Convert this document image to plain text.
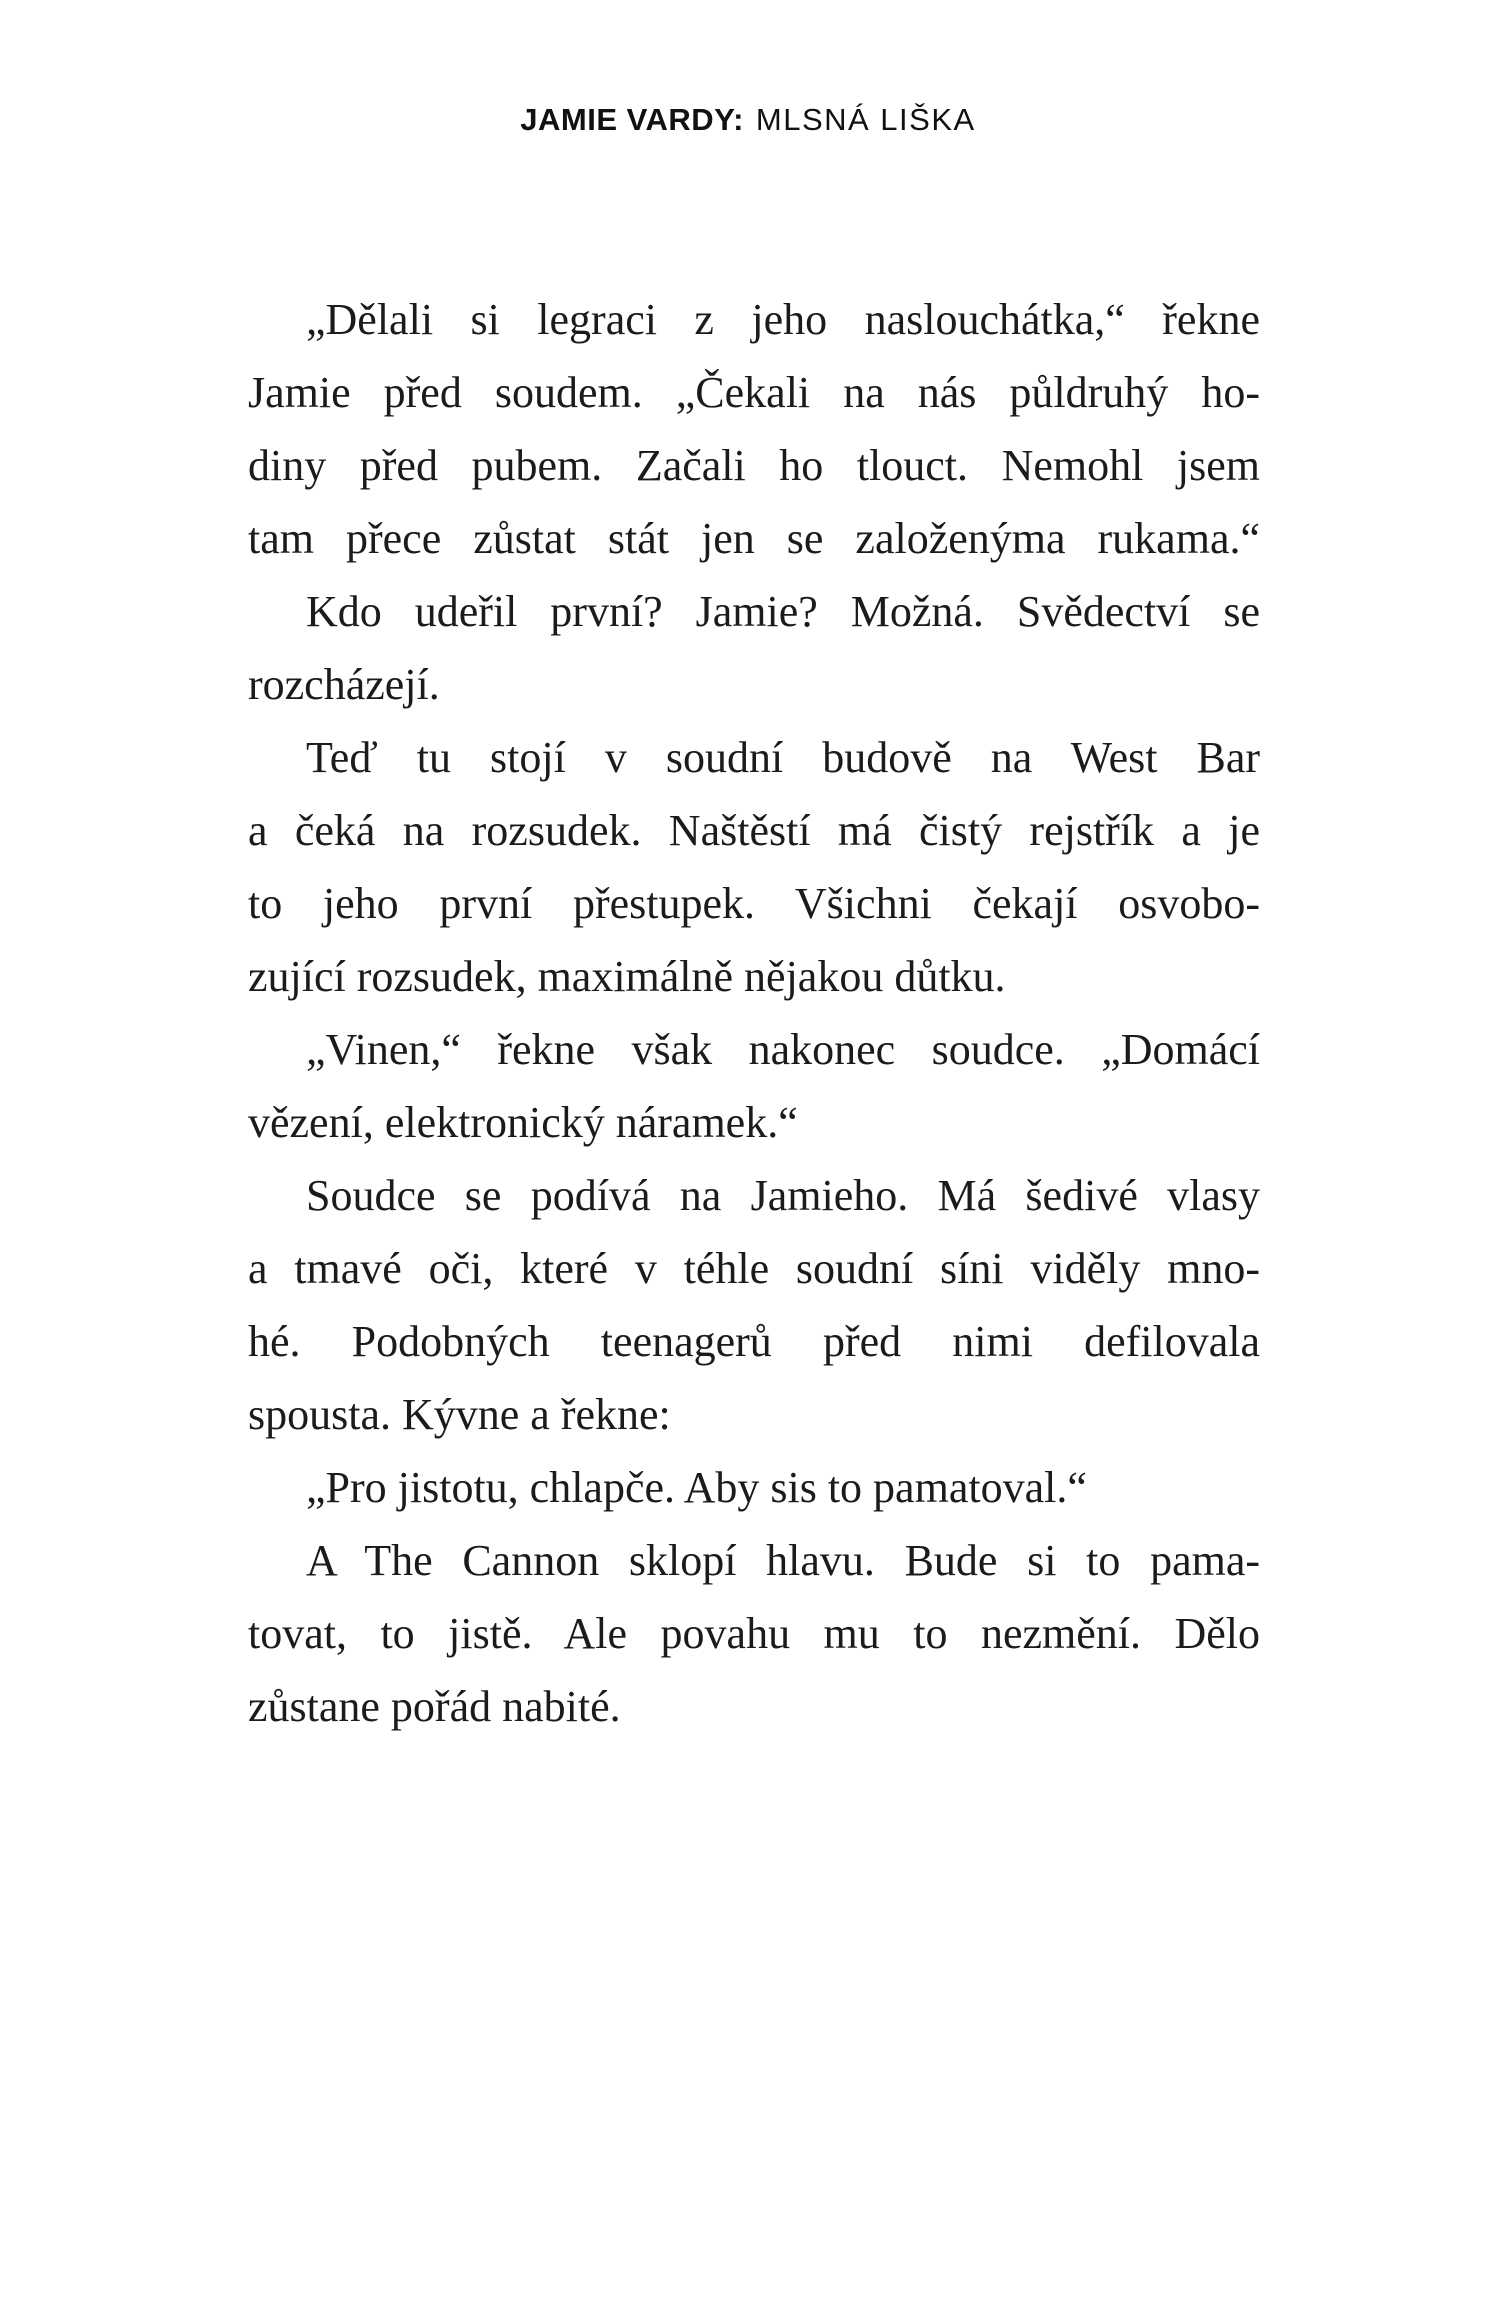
JAMIE VARDY: MLSNÁ LIŠKA

„Dělali si legraci z jeho naslouchátka,“ řekne
Jamie před soudem. „Čekali na nás půldruhý ho-
diny před pubem. Začali ho tlouct. Nemohl jsem
tam přece zůstat stát jen se založenýma rukama.“

Kdo udeřil první? Jamie? Možná. Svědectví se
rozcházejí.

Teď tu stojí v soudní budově na West Bar
a čeká na rozsudek. Naštěstí má čistý rejstřík a je
to jeho první přestupek. Všichni čekají osvobo-
zující rozsudek, maximálně nějakou důtku.

„Vinen,“ řekne však nakonec soudce. „Domácí
vězení, elektronický náramek.“

Soudce se podívá na Jamieho. Má šedivé vlasy
a tmavé oči, které v téhle soudní síni viděly mno-
hé. Podobných teenagerů před nimi defilovala
spousta. Kývne a řekne:

„Pro jistotu, chlapče. Aby sis to pamatoval.“

A The Cannon sklopí hlavu. Bude si to pama-
tovat, to jistě. Ale povahu mu to nezmění. Dělo
zůstane pořád nabité.
